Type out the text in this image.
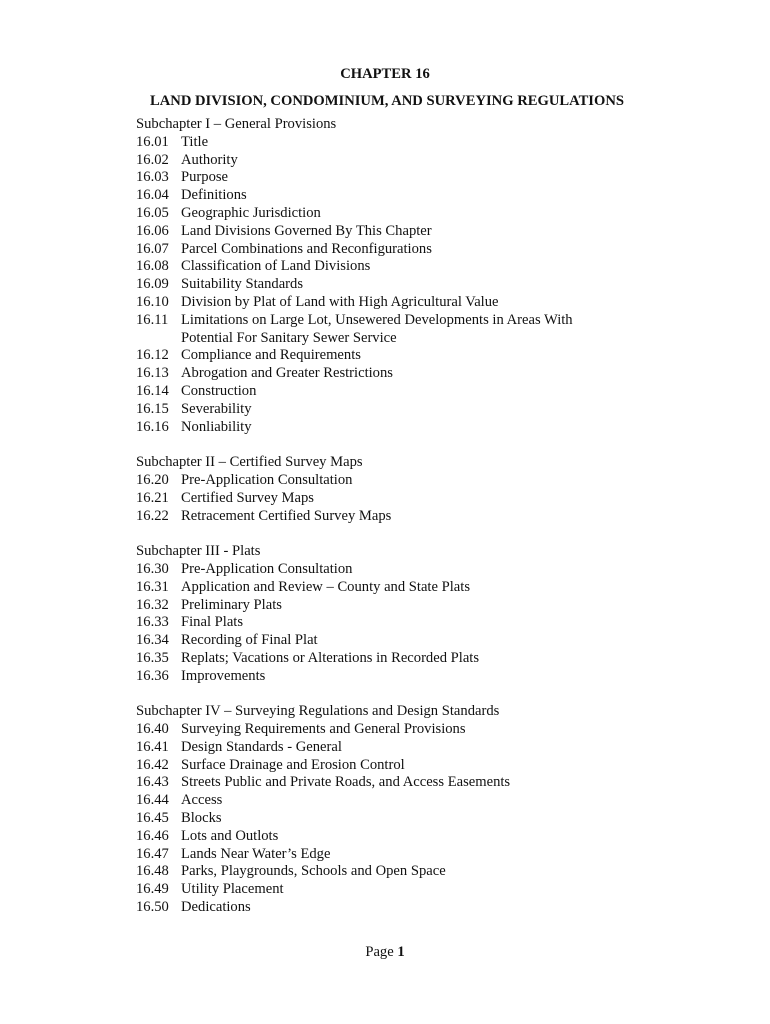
CHAPTER 16
LAND DIVISION, CONDOMINIUM, AND SURVEYING REGULATIONS
Subchapter I – General Provisions
16.01 Title
16.02 Authority
16.03 Purpose
16.04 Definitions
16.05 Geographic Jurisdiction
16.06 Land Divisions Governed By This Chapter
16.07 Parcel Combinations and Reconfigurations
16.08 Classification of Land Divisions
16.09 Suitability Standards
16.10 Division by Plat of Land with High Agricultural Value
16.11 Limitations on Large Lot, Unsewered Developments in Areas With Potential For Sanitary Sewer Service
16.12 Compliance and Requirements
16.13 Abrogation and Greater Restrictions
16.14 Construction
16.15 Severability
16.16 Nonliability
Subchapter II – Certified Survey Maps
16.20 Pre-Application Consultation
16.21 Certified Survey Maps
16.22 Retracement Certified Survey Maps
Subchapter III - Plats
16.30 Pre-Application Consultation
16.31 Application and Review – County and State Plats
16.32 Preliminary Plats
16.33 Final Plats
16.34 Recording of Final Plat
16.35 Replats; Vacations or Alterations in Recorded Plats
16.36 Improvements
Subchapter IV – Surveying Regulations and Design Standards
16.40 Surveying Requirements and General Provisions
16.41 Design Standards - General
16.42 Surface Drainage and Erosion Control
16.43 Streets Public and Private Roads, and Access Easements
16.44 Access
16.45 Blocks
16.46 Lots and Outlots
16.47 Lands Near Water’s Edge
16.48 Parks, Playgrounds, Schools and Open Space
16.49 Utility Placement
16.50 Dedications
Page 1
